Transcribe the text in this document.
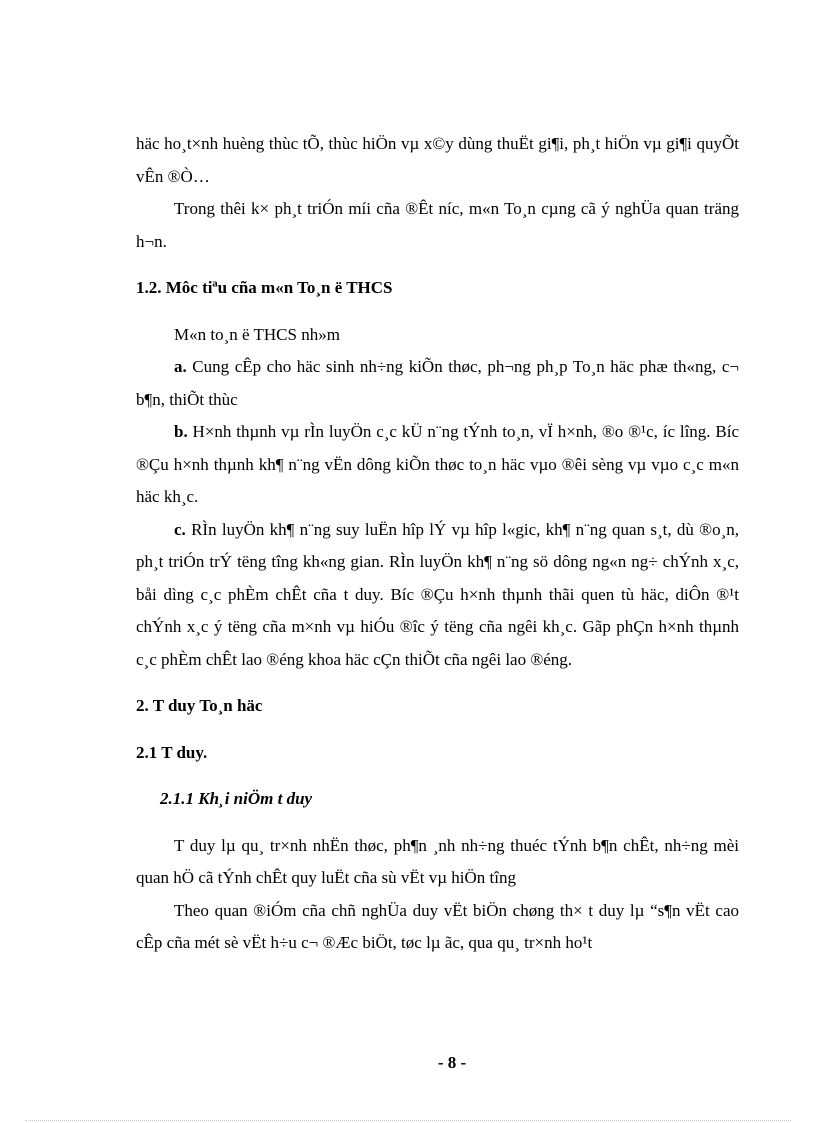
häc ho¸t×nh huèng thùc tÕ, thùc hiÖn vµ x©y dùng thuËt gi¶i, ph¸t hiÖn vµ gi¶i quyÕt vÊn ®Ò…

Trong thêi k× ph¸t triÓn míi cña ®Êt níc, m«n To¸n cµng cã ý nghÜa quan träng h¬n.

1.2. Môc tiªu cña m«n To¸n ë THCS

M«n to¸n ë THCS nh»m

a. Cung cÊp cho häc sinh nh÷ng kiÕn thøc, ph¬ng ph¸p To¸n häc phæ th«ng, c¬ b¶n, thiÕt thùc

b. H×nh thµnh vµ rÌn luyÖn c¸c kÜ n¨ng tÝnh to¸n, vÏ h×nh, ®o ®¹c, íc lîng. Bíc ®Çu h×nh thµnh kh¶ n¨ng vËn dông kiÕn thøc to¸n häc vµo ®êi sèng vµ vµo c¸c m«n häc kh¸c.

c. RÌn luyÖn kh¶ n¨ng suy luËn hîp lÝ vµ hîp l«gic, kh¶ n¨ng quan s¸t, dù ®o¸n, ph¸t triÓn trÝ tëng tîng kh«ng gian. RÌn luyÖn kh¶ n¨ng sö dông ng«n ng÷ chÝnh x¸c, båi dìng c¸c phÈm chÊt cña t duy. Bíc ®Çu h×nh thµnh thãi quen tù häc, diÔn ®¹t chÝnh x¸c ý tëng cña m×nh vµ hiÓu ®îc ý tëng cña ngêi kh¸c. Gãp phÇn h×nh thµnh c¸c phÈm chÊt lao ®éng khoa häc cÇn thiÕt cña ngêi lao ®éng.

2. T duy To¸n häc

2.1 T duy.

2.1.1 Kh¸i niÖm t duy

T duy lµ qu¸ tr×nh nhËn thøc, ph¶n ¸nh nh÷ng thuéc tÝnh b¶n chÊt, nh÷ng mèi quan hÖ cã tÝnh chÊt quy luËt cña sù vËt vµ hiÖn tîng

Theo quan ®iÓm cña chñ nghÜa duy vËt biÖn chøng th× t duy lµ “s¶n vËt cao cÊp cña mét sè vËt h÷u c¬ ®Æc biÖt, tøc lµ ãc, qua qu¸ tr×nh ho¹t

- 8 -
